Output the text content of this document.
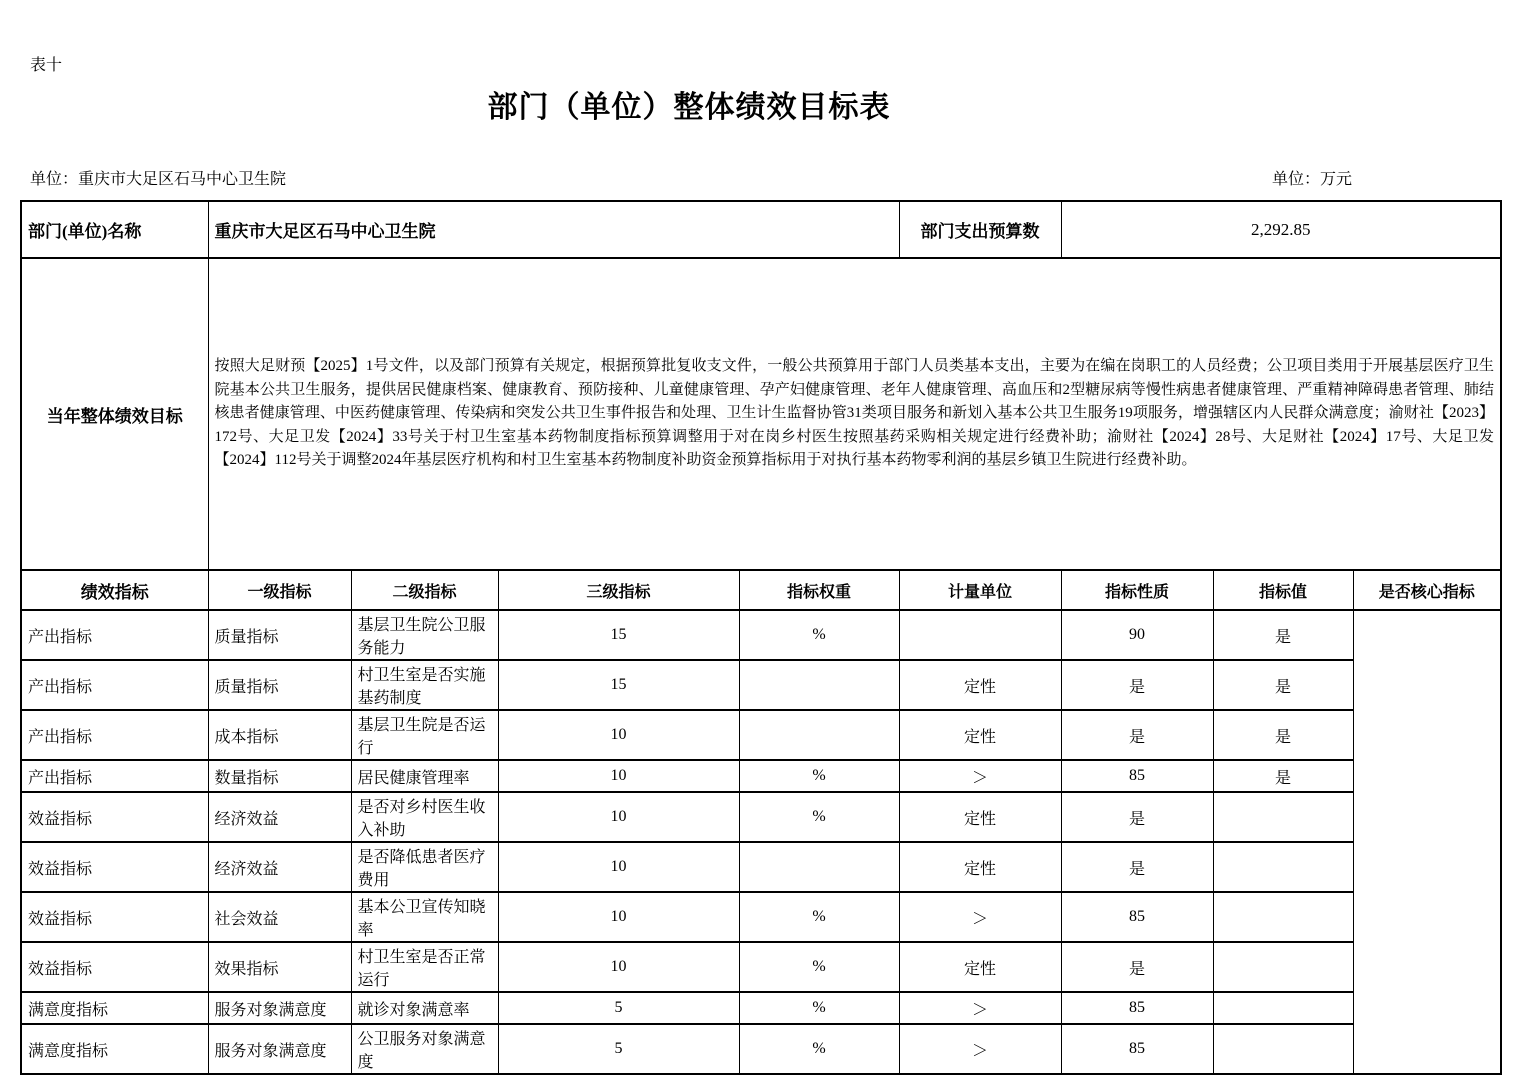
表十
部门（单位）整体绩效目标表
单位：重庆市大足区石马中心卫生院	单位：万元
部门(单位)名称	重庆市大足区石马中心卫生院				部门支出预算数	2,292.85		
当年整体绩效目标	按照大足财预【2025】1号文件，以及部门预算有关规定，根据预算批复收支文件，一般公共预算用于部门人员类基本支出，主要为在编在岗职工的人员经费；公卫项目类用于开展基层医疗卫生院基本公共卫生服务，提供居民健康档案、健康教育、预防接种、儿童健康管理、孕产妇健康管理、老年人健康管理、高血压和2型糖尿病等慢性病患者健康管理、严重精神障碍患者管理、肺结核患者健康管理、中医药健康管理、传染病和突发公共卫生事件报告和处理、卫生计生监督协管31类项目服务和新划入基本公共卫生服务19项服务，增强辖区内人民群众满意度；渝财社【2023】172号、大足卫发【2024】33号关于村卫生室基本药物制度指标预算调整用于对在岗乡村医生按照基药采购相关规定进行经费补助；渝财社【2024】28号、大足财社【2024】17号、大足卫发【2024】112号关于调整2024年基层医疗机构和村卫生室基本药物制度补助资金预算指标用于对执行基本药物零利润的基层乡镇卫生院进行经费补助。							
绩效指标	一级指标	二级指标	三级指标	指标权重	计量单位	指标性质	指标值	是否核心指标
产出指标	质量指标	基层卫生院公卫服务能力	15	%		90	是	
产出指标	质量指标	村卫生室是否实施基药制度	15		定性	是	是	
产出指标	成本指标	基层卫生院是否运行	10		定性	是	是	
产出指标	数量指标	居民健康管理率	10	%	＞	85	是	
效益指标	经济效益	是否对乡村医生收入补助	10	%	定性	是		
效益指标	经济效益	是否降低患者医疗费用	10		定性	是		
效益指标	社会效益	基本公卫宣传知晓率	10	%	＞	85		
效益指标	效果指标	村卫生室是否正常运行	10	%	定性	是		
满意度指标	服务对象满意度	就诊对象满意率	5	%	＞	85		
满意度指标	服务对象满意度	公卫服务对象满意度	5	%	＞	85		
